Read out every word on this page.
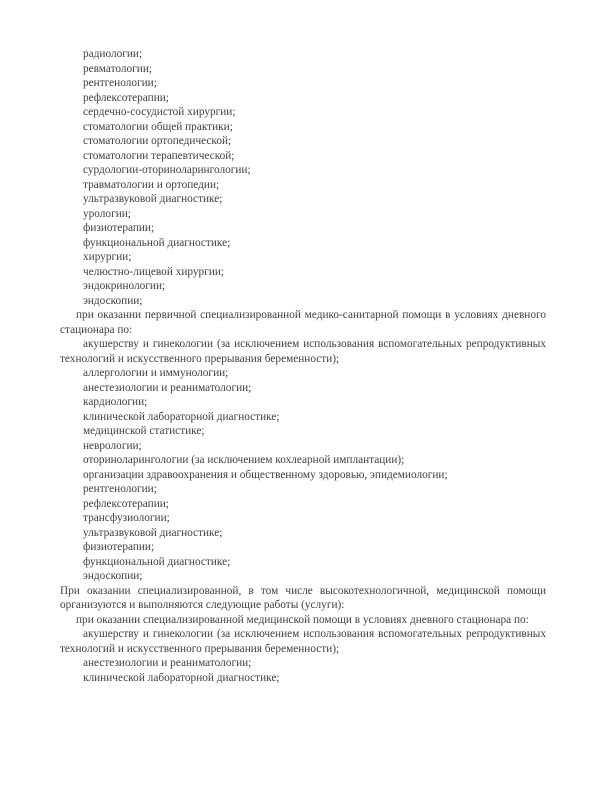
радиологии;

ревматологии;

рентгенологии;

рефлексотерапии;

сердечно-сосудистой хирургии;

стоматологии общей практики;

стоматологии ортопедической;

стоматологии терапевтической;

сурдологии-оториноларингологии;

травматологии и ортопедии;

ультразвуковой диагностике;

урологии;

физиотерапии;

функциональной диагностике;

хирургии;

челюстно-лицевой хирургии;

эндокринологии;

эндоскопии;

при оказании первичной специализированной медико-санитарной помощи в условиях дневного стационара по:

акушерству и гинекологии (за исключением использования вспомогательных репродуктивных технологий и искусственного прерывания беременности);

аллергологии и иммунологии;

анестезиологии и реаниматологии;

кардиологии;

клинической лабораторной диагностике;

медицинской статистике;

неврологии;

оториноларингологии (за исключением кохлеарной имплантации);

организации здравоохранения и общественному здоровью, эпидемиологии;

рентгенологии;

рефлексотерапии;

трансфузиологии;

ультразвуковой диагностике;

физиотерапии;

функциональной диагностике;

эндоскопии;

При оказании специализированной, в том числе высокотехнологичной, медицинской помощи организуются и выполняются следующие работы (услуги):

при оказании специализированной медицинской помощи в условиях дневного стационара по:

акушерству и гинекологии (за исключением использования вспомогательных репродуктивных технологий и искусственного прерывания беременности);

анестезиологии и реаниматологии;

клинической лабораторной диагностике;
